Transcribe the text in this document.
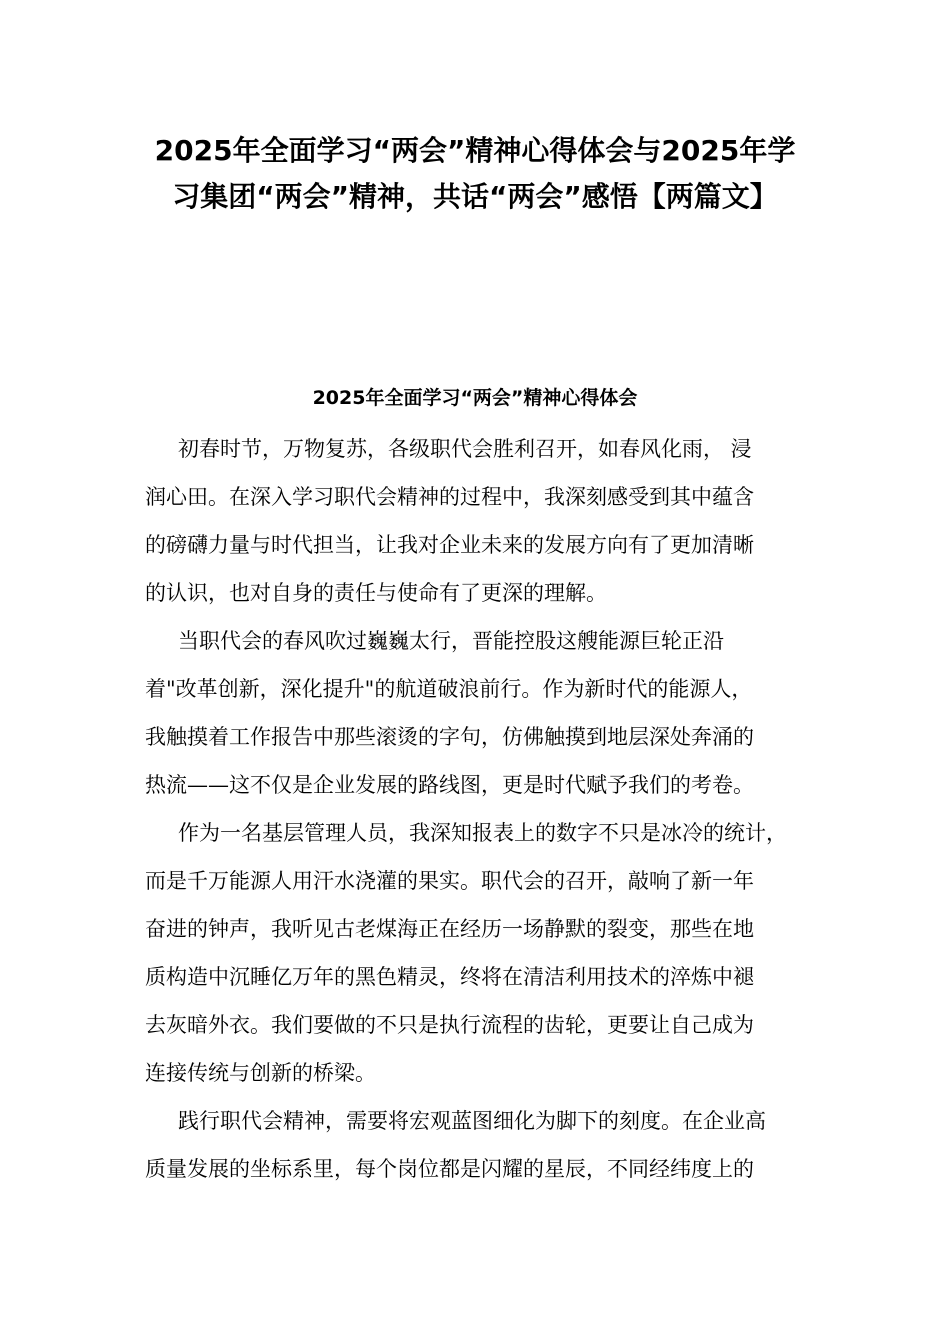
2025年全面学习“两会”精神心得体会与2025年学
习集团“两会”精神，共话“两会”感悟【两篇文】
2025年全面学习“两会”精神心得体会

初春时节，万物复苏，各级职代会胜利召开，如春风化雨， 浸
润心田。在深入学习职代会精神的过程中，我深刻感受到其中蕴含
的磅礴力量与时代担当，让我对企业未来的发展方向有了更加清晰
的认识，也对自身的责任与使命有了更深的理解。

当职代会的春风吹过巍巍太行，晋能控股这艘能源巨轮正沿
着"改革创新，深化提升"的航道破浪前行。作为新时代的能源人，
我触摸着工作报告中那些滚烫的字句，仿佛触摸到地层深处奔涌的
热流——这不仅是企业发展的路线图，更是时代赋予我们的考卷。

作为一名基层管理人员，我深知报表上的数字不只是冰冷的统计，
而是千万能源人用汗水浇灌的果实。职代会的召开，敲响了新一年
奋进的钟声，我听见古老煤海正在经历一场静默的裂变，那些在地
质构造中沉睡亿万年的黑色精灵，终将在清洁利用技术的淬炼中褪
去灰暗外衣。我们要做的不只是执行流程的齿轮，更要让自己成为
连接传统与创新的桥梁。

践行职代会精神，需要将宏观蓝图细化为脚下的刻度。在企业高
质量发展的坐标系里，每个岗位都是闪耀的星辰，不同经纬度上的
